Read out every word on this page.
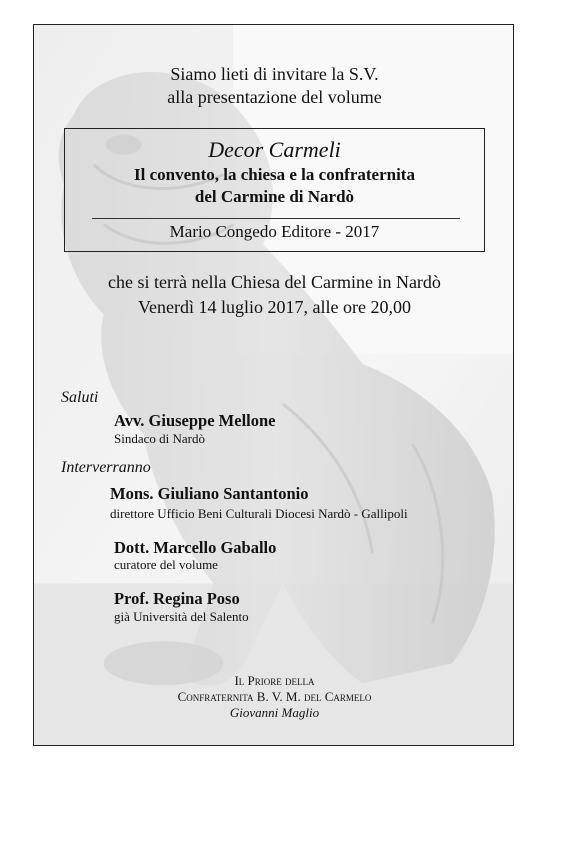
Siamo lieti di invitare la S.V.
alla presentazione del volume
Decor Carmeli
Il convento, la chiesa e la confraternita
del Carmine di Nardò
Mario Congedo Editore - 2017
che si terrà nella Chiesa del Carmine in Nardò
Venerdì 14 luglio 2017, alle ore 20,00
Saluti
Avv. Giuseppe Mellone
Sindaco di Nardò
Interverranno
Mons. Giuliano Santantonio
direttore Ufficio Beni Culturali Diocesi Nardò - Gallipoli
Dott. Marcello Gaballo
curatore del volume
Prof. Regina Poso
già Università del Salento
Il Priore della
Confraternita B. V. M. del Carmelo
Giovanni Maglio
